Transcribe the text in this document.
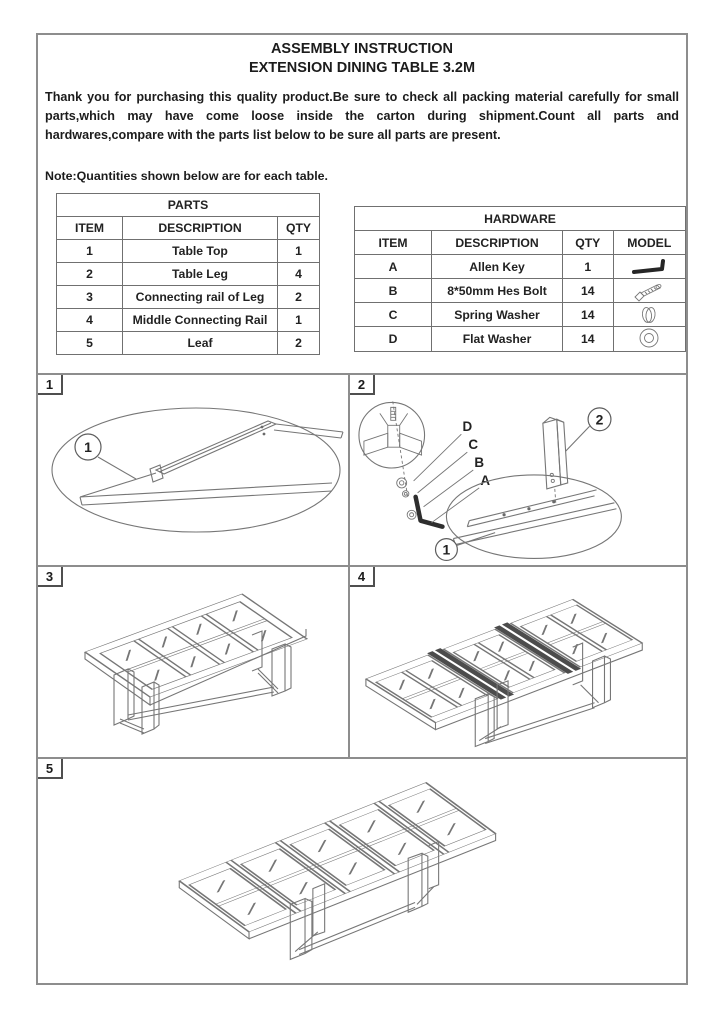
ASSEMBLY INSTRUCTION
EXTENSION DINING TABLE 3.2M
Thank you for purchasing this quality product.Be sure to check all packing material carefully for small parts,which may have come loose inside the carton during shipment.Count all parts and hardwares,compare with the parts list below to be sure all parts are present.
Note:Quantities shown below are for each table.
PARTS		
ITEM	DESCRIPTION	QTY
1	Table Top	1
2	Table Leg	4
3	Connecting rail of Leg	2
4	Middle Connecting Rail	1
5	Leaf	2
HARDWARE			
ITEM	DESCRIPTION	QTY	MODEL
A	Allen Key	1	

B	8*50mm Hes Bolt	14	

C	Spring Washer	14	

D	Flat Washer	14	
1
1
2
D
C
B
A
2
1
3	4
5
